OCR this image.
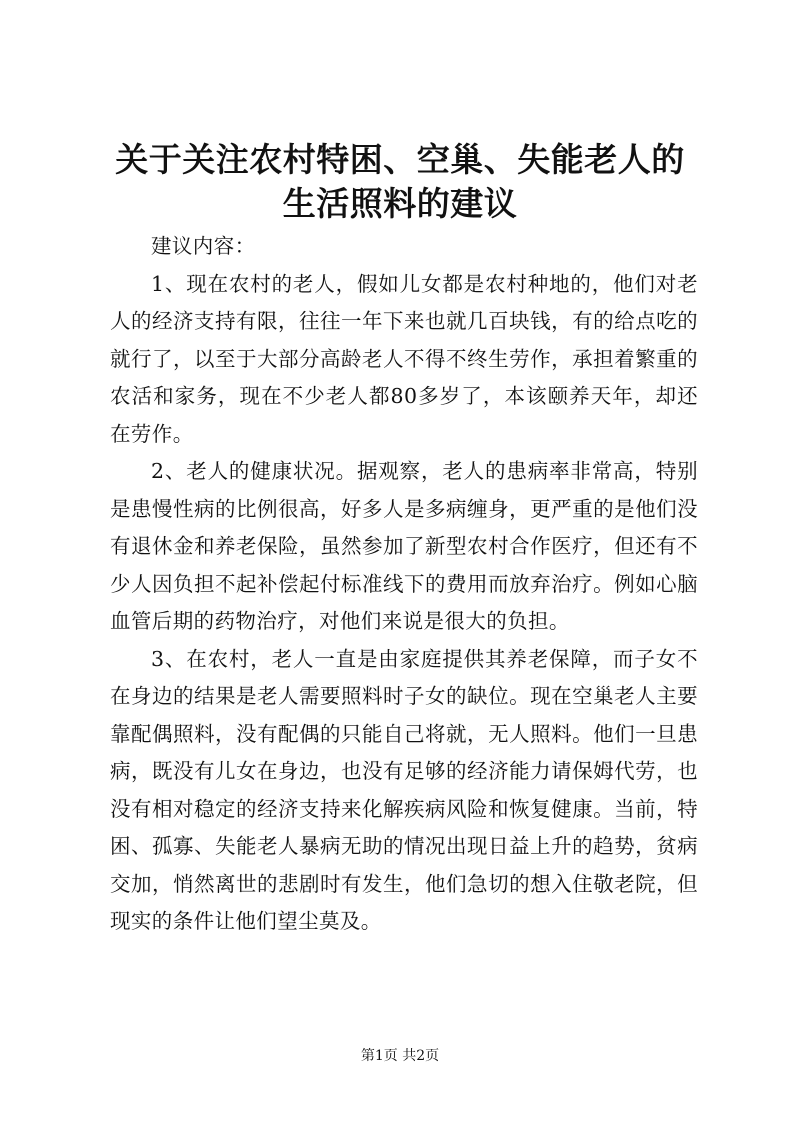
关于关注农村特困、空巢、失能老人的生活照料的建议

建议内容：

1、现在农村的老人，假如儿女都是农村种地的，他们对老人的经济支持有限，往往一年下来也就几百块钱，有的给点吃的就行了，以至于大部分高龄老人不得不终生劳作，承担着繁重的农活和家务，现在不少老人都80多岁了，本该颐养天年，却还在劳作。

2、老人的健康状况。据观察，老人的患病率非常高，特别是患慢性病的比例很高，好多人是多病缠身，更严重的是他们没有退休金和养老保险，虽然参加了新型农村合作医疗，但还有不少人因负担不起补偿起付标准线下的费用而放弃治疗。例如心脑血管后期的药物治疗，对他们来说是很大的负担。

3、在农村，老人一直是由家庭提供其养老保障，而子女不在身边的结果是老人需要照料时子女的缺位。现在空巢老人主要靠配偶照料，没有配偶的只能自己将就，无人照料。他们一旦患病，既没有儿女在身边，也没有足够的经济能力请保姆代劳，也没有相对稳定的经济支持来化解疾病风险和恢复健康。当前，特困、孤寡、失能老人暴病无助的情况出现日益上升的趋势，贫病交加，悄然离世的悲剧时有发生，他们急切的想入住敬老院，但现实的条件让他们望尘莫及。

第1页 共2页
